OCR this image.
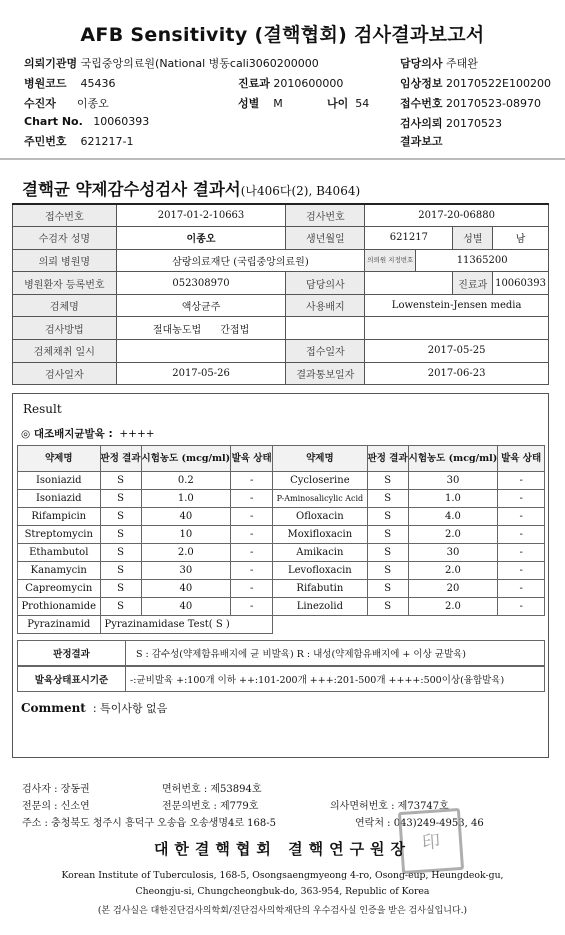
AFB Sensitivity (결핵협회) 검사결과보고서
의뢰기관명 국립중앙의료원(National 병동cali3060200000	담당의사 주태완
병원코드 45436	진료과 2010600000	임상정보 20170522E100200
수진자 이종오	성별 M	나이 54	접수번호 20170523-08970
Chart No. 10060393	검사의뢰 20170523
주민번호 621217-1	결과보고
결핵균 약제감수성검사 결과서(나406다(2), B4064)
접수번호	2017-01-2-10663	검사번호	2017-20-06880			
수검자 성명	이종오	생년월일	621217		성별	남
의뢰 병원명	삼랑의료재단 (국립중앙의료원)		의뢰원 지정번호	11365200		
병원환자 등록번호	052308970	담당의사			진료과	10060393
검체명	액상균주	사용배지	Lowenstein-Jensen media			
검사방법	절대농도법 간접법					
검체채취 일시		접수일자	2017-05-25			
검사일자	2017-05-26	결과통보일자	2017-06-23			
Result
◎ 대조배지균발육 : ++++
약제명	판정 결과	시험농도 (mcg/ml)	발육 상태	약제명	판정 결과	시험농도 (mcg/ml)	발육 상태
Isoniazid	S	0.2	-	Cycloserine	S	30	-
Isoniazid	S	1.0	-	P-Aminosalicylic Acid	S	1.0	-
Rifampicin	S	40	-	Ofloxacin	S	4.0	-
Streptomycin	S	10	-	Moxifloxacin	S	2.0	-
Ethambutol	S	2.0	-	Amikacin	S	30	-
Kanamycin	S	30	-	Levofloxacin	S	2.0	-
Capreomycin	S	40	-	Rifabutin	S	20	-
Prothionamide	S	40	-	Linezolid	S	2.0	-
Pyrazinamid	Pyrazinamidase Test( S )						
판정결과	S : 감수성(약제함유배지에 균 비발육) R : 내성(약제함유배지에 + 이상 균발육)
발육상태표시기준	-:균비발육 +:100개 이하 ++:101-200개 +++:201-500개 ++++:500이상(융합발육)
Comment : 특이사항 없음
검사자 : 장동권	면허번호 : 제53894호
전문의 : 신소연	전문의번호 : 제779호	의사면허번호 : 제73747호
주소 : 충청북도 청주시 흥덕구 오송읍 오송생명4로 168-5	연락처 : 043)249-4953, 46
印
대한결핵협회 결핵연구원장
Korean Institute of Tuberculosis, 168-5, Osongsaengmyeong 4-ro, Osong-eup, Heungdeok-gu,
Cheongju-si, Chungcheongbuk-do, 363-954, Republic of Korea
(본 검사실은 대한진단검사의학회/진단검사의학재단의 우수검사실 인증을 받은 검사실입니다.)
